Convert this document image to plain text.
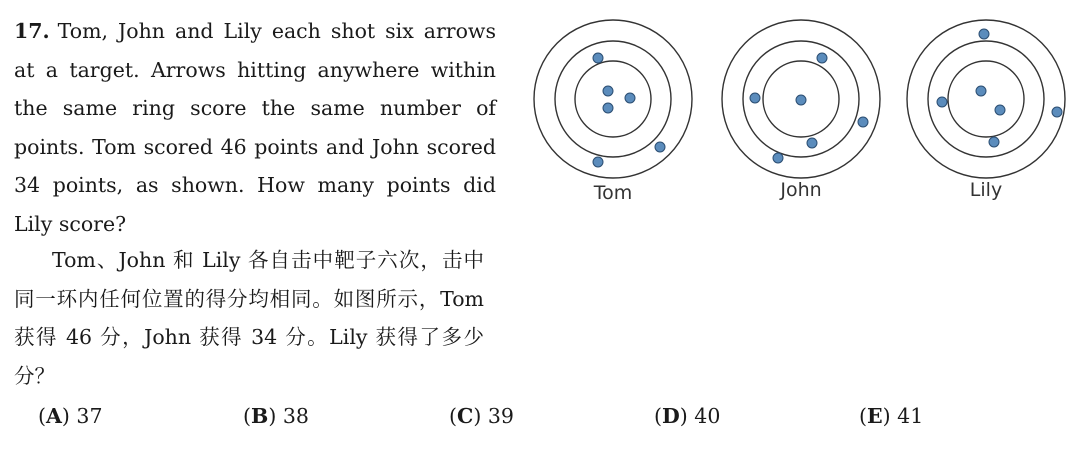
17. Tom, John and Lily each shot six arrows at a target. Arrows hitting anywhere within the same ring score the same number of points. Tom scored 46 points and John scored 34 points, as shown. How many points did Lily score?
Tom、John 和 Lily 各自击中靶子六次，击中同一环内任何位置的得分均相同。如图所示，Tom 获得 46 分，John 获得 34 分。Lily 获得了多少分？
Tom	John	Lily
(A) 37	(B) 38	(C) 39	(D) 40	(E) 41
